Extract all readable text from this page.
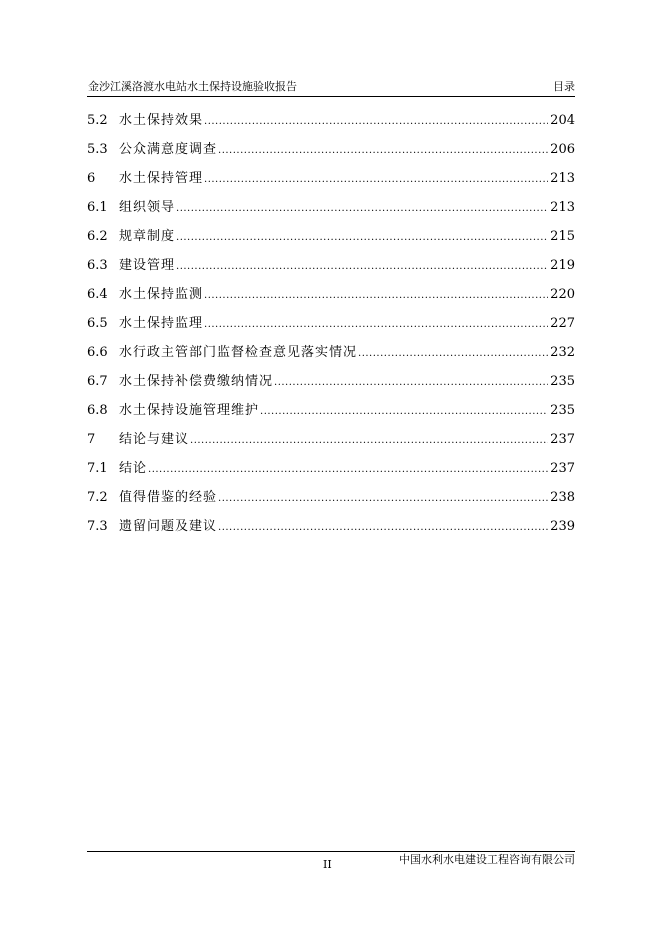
金沙江溪洛渡水电站水土保持设施验收报告	目录
5.2 水土保持效果 .....	204
5.3 公众满意度调查 .....	206
6	水土保持管理 .....	213
6.1 组织领导 .....	213
6.2 规章制度 .....	215
6.3 建设管理 .....	219
6.4 水土保持监测 .....	220
6.5 水土保持监理 .....	227
6.6 水行政主管部门监督检查意见落实情况 .....	232
6.7 水土保持补偿费缴纳情况 .....	235
6.8 水土保持设施管理维护 .....	235
7	结论与建议 .....	237
7.1 结论 .....	237
7.2 值得借鉴的经验 .....	238
7.3 遗留问题及建议 .....	239
II	中国水利水电建设工程咨询有限公司
